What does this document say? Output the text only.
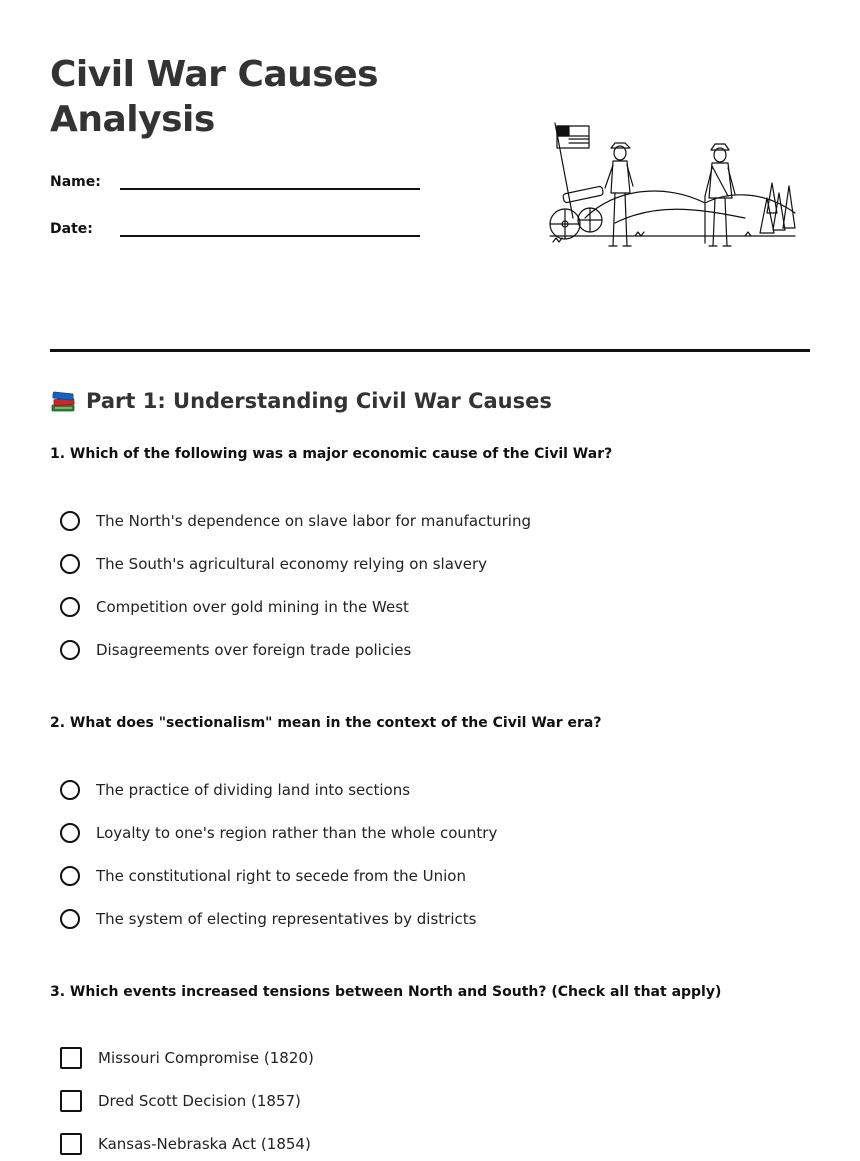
Civil War Causes
Analysis
Name:
Date:
Part 1: Understanding Civil War Causes

1. Which of the following was a major economic cause of the Civil War?

The North's dependence on slave labor for manufacturing
The South's agricultural economy relying on slavery
Competition over gold mining in the West
Disagreements over foreign trade policies

2. What does "sectionalism" mean in the context of the Civil War era?

The practice of dividing land into sections
Loyalty to one's region rather than the whole country
The constitutional right to secede from the Union
The system of electing representatives by districts

3. Which events increased tensions between North and South? (Check all that apply)

Missouri Compromise (1820)
Dred Scott Decision (1857)
Kansas-Nebraska Act (1854)
